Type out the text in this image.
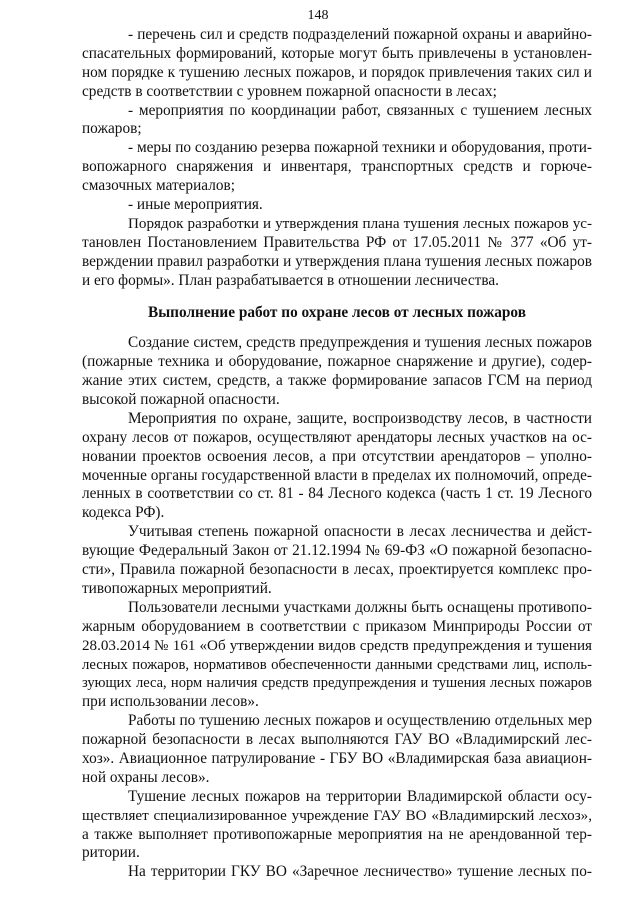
148
- перечень сил и средств подразделений пожарной охраны и аварийно-
спасательных формирований, которые могут быть привлечены в установлен-
ном порядке к тушению лесных пожаров, и порядок привлечения таких сил и
средств в соответствии с уровнем пожарной опасности в лесах;
- мероприятия по координации работ, связанных с тушением лесных
пожаров;
- меры по созданию резерва пожарной техники и оборудования, проти-
вопожарного снаряжения и инвентаря, транспортных средств и горюче-
смазочных материалов;
- иные мероприятия.
Порядок разработки и утверждения плана тушения лесных пожаров ус-
тановлен Постановлением Правительства РФ от 17.05.2011 № 377 «Об ут-
верждении правил разработки и утверждения плана тушения лесных пожаров
и его формы». План разрабатывается в отношении лесничества.
Выполнение работ по охране лесов от лесных пожаров
Создание систем, средств предупреждения и тушения лесных пожаров
(пожарные техника и оборудование, пожарное снаряжение и другие), содер-
жание этих систем, средств, а также формирование запасов ГСМ на период
высокой пожарной опасности.
Мероприятия по охране, защите, воспроизводству лесов, в частности
охрану лесов от пожаров, осуществляют арендаторы лесных участков на ос-
новании проектов освоения лесов, а при отсутствии арендаторов – уполно-
моченные органы государственной власти в пределах их полномочий, опреде-
ленных в соответствии со ст. 81 - 84 Лесного кодекса (часть 1 ст. 19 Лесного
кодекса РФ).
Учитывая степень пожарной опасности в лесах лесничества и дейст-
вующие Федеральный Закон от 21.12.1994 № 69-ФЗ «О пожарной безопасно-
сти», Правила пожарной безопасности в лесах, проектируется комплекс про-
тивопожарных мероприятий.
Пользователи лесными участками должны быть оснащены противопо-
жарным оборудованием в соответствии с приказом Минприроды России от
28.03.2014 № 161 «Об утверждении видов средств предупреждения и тушения
лесных пожаров, нормативов обеспеченности данными средствами лиц, исполь-
зующих леса, норм наличия средств предупреждения и тушения лесных пожаров
при использовании лесов».
Работы по тушению лесных пожаров и осуществлению отдельных мер
пожарной безопасности в лесах выполняются ГАУ ВО «Владимирский лес-
хоз». Авиационное патрулирование - ГБУ ВО «Владимирская база авиацион-
ной охраны лесов».
Тушение лесных пожаров на территории Владимирской области осу-
ществляет специализированное учреждение ГАУ ВО «Владимирский лесхоз»,
а также выполняет противопожарные мероприятия на не арендованной тер-
ритории.
На территории ГКУ ВО «Заречное лесничество» тушение лесных по-
